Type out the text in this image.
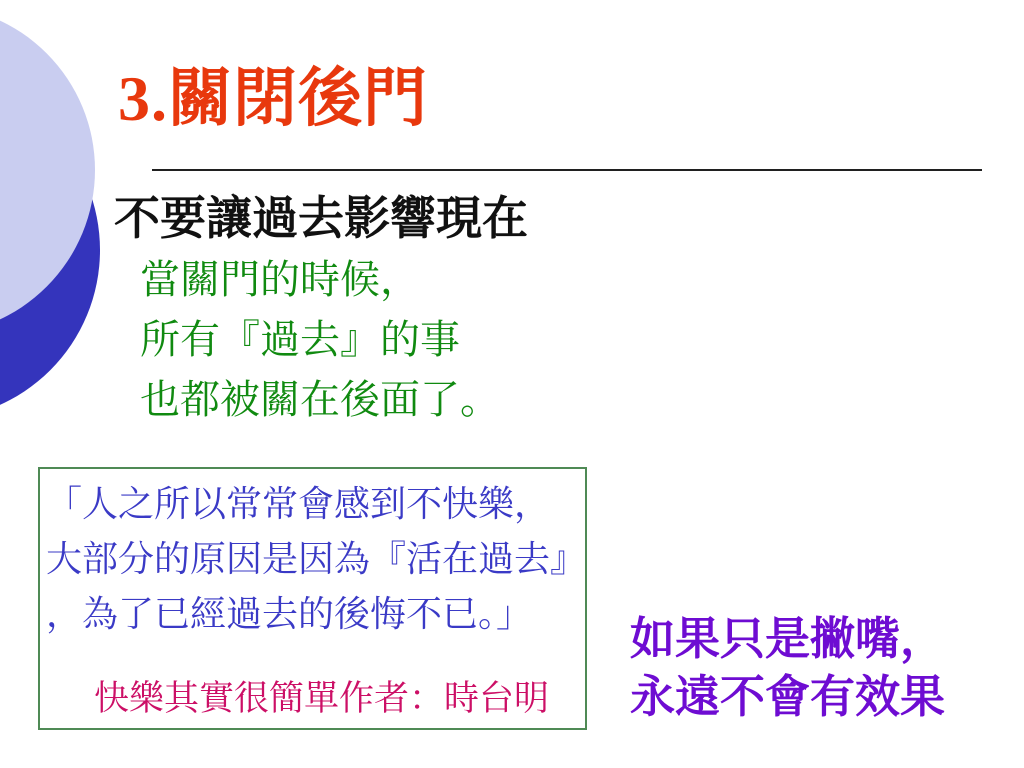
3.關閉後門
不要讓過去影響現在
當關門的時候，
所有『過去』的事
也都被關在後面了。
「人之所以常常會感到不快樂，
大部分的原因是因為『活在過去』
，為了已經過去的後悔不已。」
快樂其實很簡單作者：時台明
如果只是撇嘴，
永遠不會有效果
